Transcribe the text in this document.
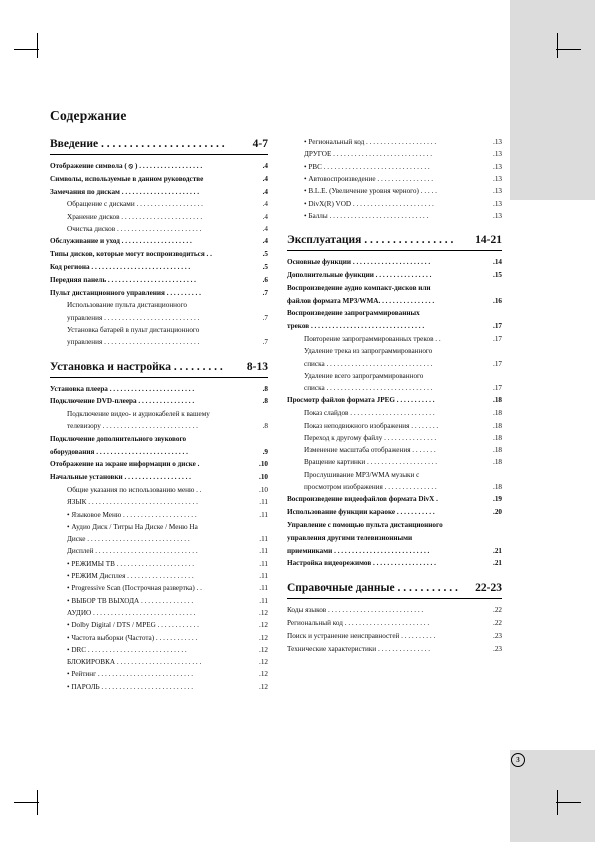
Содержание
Введение . . . . . . . . . . . . . . . . . . . . . . 4-7
Отображение символа ( ⦸ ) . . . . . . . . . . . . . . . . . .	.4
Символы, используемые в данном руководстве	.4
Замечания по дискам . . . . . . . . . . . . . . . . . . . . . .	.4
Обращение с дисками . . . . . . . . . . . . . . . . . . .	.4
Хранение дисков . . . . . . . . . . . . . . . . . . . . . . .	.4
Очистка дисков . . . . . . . . . . . . . . . . . . . . . . . .	.4
Обслуживание и уход . . . . . . . . . . . . . . . . . . . .	.4
Типы дисков, которые могут воспроизводиться . .	.5
Код региона . . . . . . . . . . . . . . . . . . . . . . . . . . . .	.5
Передняя панель . . . . . . . . . . . . . . . . . . . . . . . . .	.6
Пульт дистанционного управления . . . . . . . . . .	.7
Использование пульта дистанционного
управления . . . . . . . . . . . . . . . . . . . . . . . . . . .	.7
Установка батарей в пульт дистанционного
управления . . . . . . . . . . . . . . . . . . . . . . . . . . .	.7
Установка и настройка . . . . . . . . . 8-13
Установка плеера . . . . . . . . . . . . . . . . . . . . . . . .	.8
Подключение DVD-плеера . . . . . . . . . . . . . . . .	.8
Подключение видео- и аудиокабелей к вашему
телевизору . . . . . . . . . . . . . . . . . . . . . . . . . . .	.8
Подключение дополнительного звукового
оборудования . . . . . . . . . . . . . . . . . . . . . . . . . .	.9
Отображение на экране информации о диске .	.10
Начальные установки . . . . . . . . . . . . . . . . . . .	.10
Общие указания по использованию меню . .	.10
ЯЗЫК . . . . . . . . . . . . . . . . . . . . . . . . . . . . . . .	.11
• Языковое Меню . . . . . . . . . . . . . . . . . . . . .	.11
• Аудио Диск / Титры На Диске / Меню На
Диске . . . . . . . . . . . . . . . . . . . . . . . . . . . . .	.11
Дисплей . . . . . . . . . . . . . . . . . . . . . . . . . . . . .	.11
• РЕЖИМЫ ТВ . . . . . . . . . . . . . . . . . . . . . .	.11
• РЕЖИМ Дисплея . . . . . . . . . . . . . . . . . . .	.11
• Progressive Scan (Построчная развертка) . .	.11
• ВЫБОР ТВ ВЫХОДА . . . . . . . . . . . . . . .	.11
АУДИО . . . . . . . . . . . . . . . . . . . . . . . . . . . . .	.12
• Dolby Digital / DTS / MPEG . . . . . . . . . . . .	.12
• Частота выборки (Частота) . . . . . . . . . . . .	.12
• DRC . . . . . . . . . . . . . . . . . . . . . . . . . . . .	.12
БЛОКИРОВКА . . . . . . . . . . . . . . . . . . . . . . . .	.12
• Рейтинг . . . . . . . . . . . . . . . . . . . . . . . . . . .	.12
• ПАРОЛЬ . . . . . . . . . . . . . . . . . . . . . . . . . .	.12
• Региональный код . . . . . . . . . . . . . . . . . . . .	.13
ДРУГОЕ . . . . . . . . . . . . . . . . . . . . . . . . . . . .	.13
• PBC . . . . . . . . . . . . . . . . . . . . . . . . . . . . . .	.13
• Автовоспроизведение . . . . . . . . . . . . . . . .	.13
• B.L.E. (Увеличение уровня черного) . . . . .	.13
• DivX(R) VOD . . . . . . . . . . . . . . . . . . . . . . .	.13
• Баллы . . . . . . . . . . . . . . . . . . . . . . . . . . . .	.13
Эксплуатация . . . . . . . . . . . . . . . . 14-21
Основные функции . . . . . . . . . . . . . . . . . . . . . .	.14
Дополнительные функции . . . . . . . . . . . . . . . .	.15
Воспроизведение аудио компакт-дисков или
файлов формата MP3/WMA. . . . . . . . . . . . . . . .	.16
Воспроизведение запрограммированных
треков . . . . . . . . . . . . . . . . . . . . . . . . . . . . . . . .	.17
Повторение запрограммированных треков . .	.17
Удаление трека из запрограммированного
списка . . . . . . . . . . . . . . . . . . . . . . . . . . . . . .	.17
Удаление всего запрограммированного
списка . . . . . . . . . . . . . . . . . . . . . . . . . . . . . .	.17
Просмотр файлов формата JPEG . . . . . . . . . . .	.18
Показ слайдов . . . . . . . . . . . . . . . . . . . . . . . .	.18
Показ неподвижного изображения . . . . . . . .	.18
Переход к другому файлу . . . . . . . . . . . . . . .	.18
Изменение масштаба отображения . . . . . . .	.18
Вращение картинки . . . . . . . . . . . . . . . . . . . .	.18
Прослушивание MP3/WMA музыки с
просмотром изображения . . . . . . . . . . . . . . .	.18
Воспроизведение видеофайлов формата DivX .	.19
Использование функции караоке . . . . . . . . . . .	.20
Управление с помощью пульта дистанционного
управления другими телевизионными
приемниками . . . . . . . . . . . . . . . . . . . . . . . . . . .	.21
Настройка видеорежимов . . . . . . . . . . . . . . . . . .	.21
Справочные данные . . . . . . . . . . . 22-23
Коды языков . . . . . . . . . . . . . . . . . . . . . . . . . . .	.22
Региональный код . . . . . . . . . . . . . . . . . . . . . . . .	.22
Поиск и устранение неисправностей . . . . . . . . . .	.23
Технические характеристики . . . . . . . . . . . . . . .	.23
3
